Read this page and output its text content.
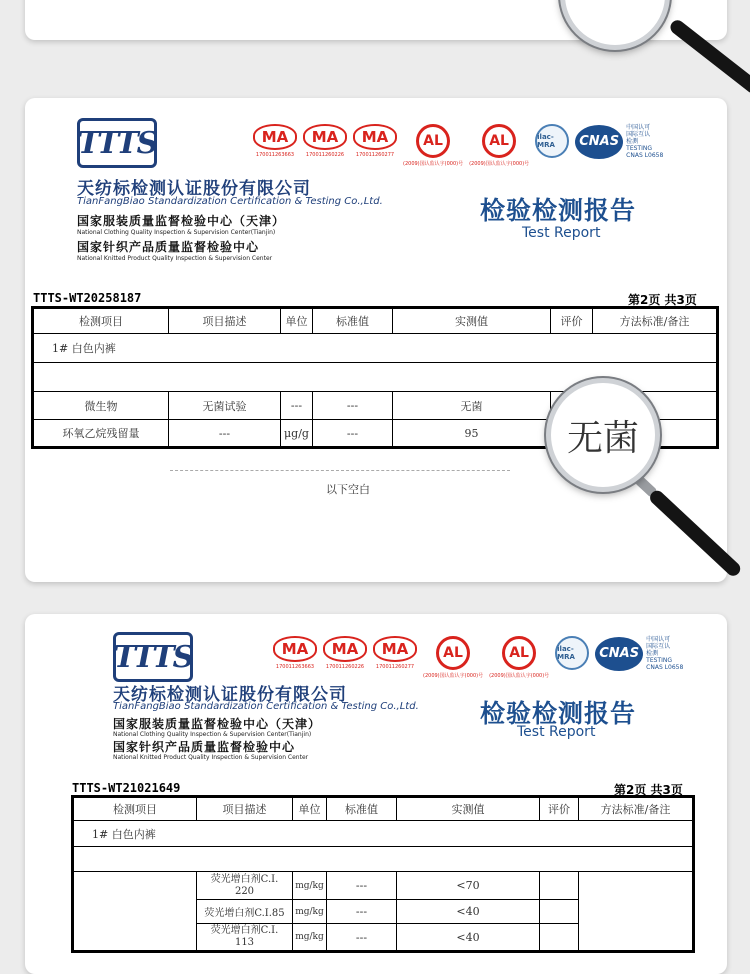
TTTS	MA
170011263663
MA
170011260226
MA
170011260277
AL
(2009)国认监认字(000)号
AL
(2009)国认监认字(000)号
ilac-MRA	CNAS
中国认可
国际互认
检测
TESTING
CNAS L0658
天纺标检测认证股份有限公司
TianFangBiao Standardization Certification & Testing Co.,Ltd.
国家服装质量监督检验中心（天津）
National Clothing Quality Inspection & Supervision Center(Tianjin)
国家针织产品质量监督检验中心
National Knitted Product Quality Inspection & Supervision Center
检验检测报告
Test Report
TTTS-WT20258187	第2页 共3页
检测项目	项目描述	单位	标准值	实测值	评价	方法标准/备注
1# 白色内裤						

微生物	无菌试验	---	---	无菌		
环氧乙烷残留量	---	μg/g	---	95		
以下空白
无菌
TTTS	MA
170011263663
MA
170011260226
MA
170011260277
AL
(2009)国认监认字(000)号
AL
(2009)国认监认字(000)号
ilac-MRA	CNAS
中国认可
国际互认
检测
TESTING
CNAS L0658
天纺标检测认证股份有限公司
TianFangBiao Standardization Certification & Testing Co.,Ltd.
国家服装质量监督检验中心（天津）
National Clothing Quality Inspection & Supervision Center(Tianjin)
国家针织产品质量监督检验中心
National Knitted Product Quality Inspection & Supervision Center
检验检测报告
Test Report
TTTS-WT21021649	第2页 共3页
检测项目	项目描述	单位	标准值	实测值	评价	方法标准/备注
1# 白色内裤						

	荧光增白剂C.I.
220	mg/kg	---	<70		
	荧光增白剂C.I.85	mg/kg	---	<40		
	荧光增白剂C.I.
113	mg/kg	---	<40		
